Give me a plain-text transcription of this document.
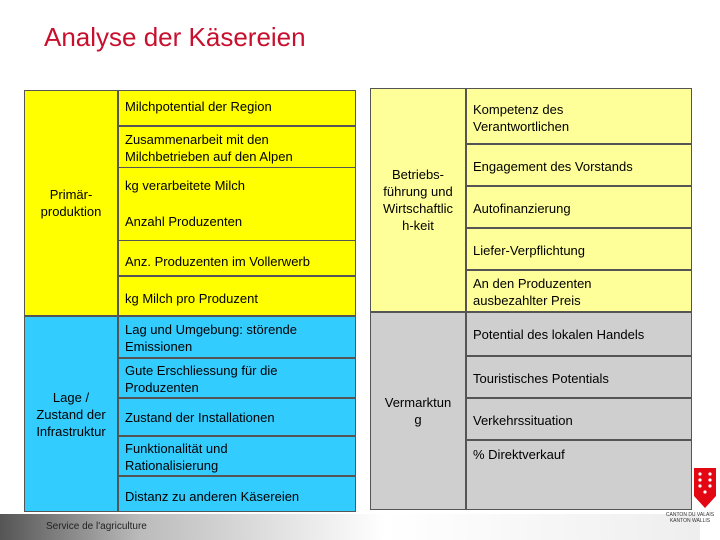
Analyse der Käsereien
Primär-
produktion
Milchpotential der Region
Zusammenarbeit mit den
Milchbetrieben auf den Alpen
kg verarbeitete Milch
Anzahl Produzenten
Anz. Produzenten im Vollerwerb
kg Milch pro Produzent
Lage /
Zustand der
Infrastruktur
Lag und Umgebung: störende
Emissionen
Gute Erschliessung für die
Produzenten
Zustand der Installationen
Funktionalität und
Rationalisierung
Distanz zu anderen Käsereien
Betriebs-
führung und
Wirtschaftlic
h-keit
Kompetenz des
Verantwortlichen
Engagement des Vorstands
Autofinanzierung
Liefer-Verpflichtung
An den Produzenten
ausbezahlter Preis
Vermarktun
g
Potential des lokalen Handels
Touristisches Potentials
Verkehrssituation
% Direktverkauf
Service de l'agriculture
CANTON DU VALAIS
KANTON WALLIS
